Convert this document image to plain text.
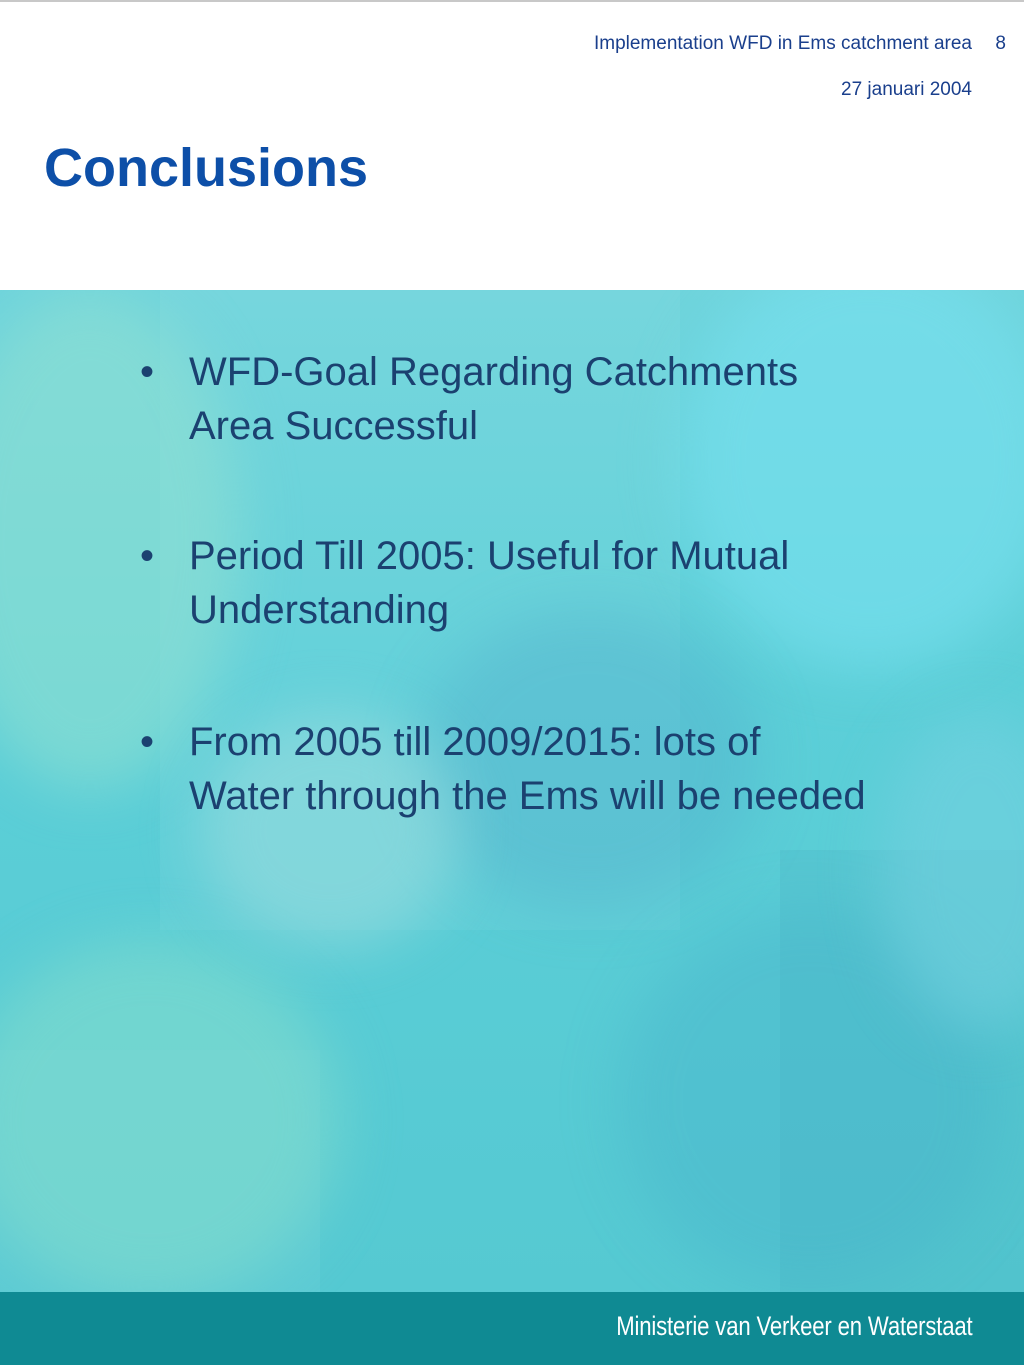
Implementation WFD in Ems catchment area 8
27 januari 2004
Conclusions
• WFD-Goal Regarding Catchments Area Successful
• Period Till 2005: Useful for Mutual Understanding
• From 2005 till 2009/2015: lots of Water through the Ems will be needed
Ministerie van Verkeer en Waterstaat
